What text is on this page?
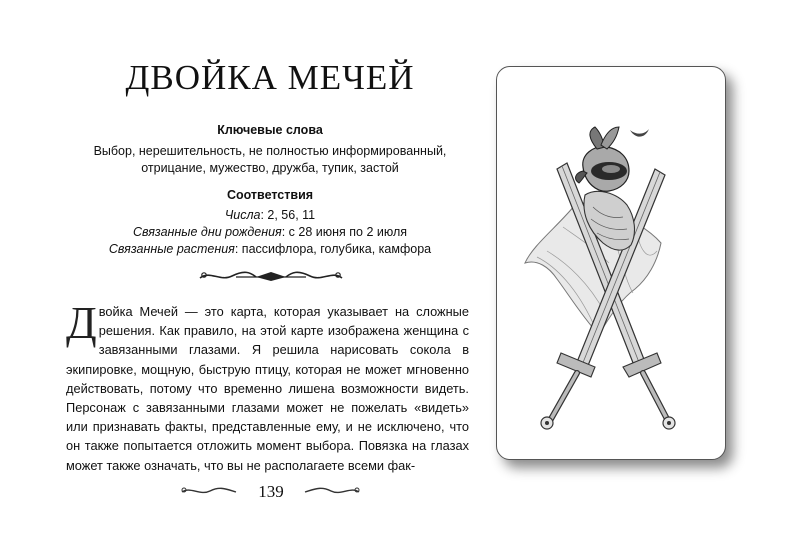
ДВОЙКА МЕЧЕЙ
Ключевые слова
Выбор, нерешительность, не полностью информированный,
отрицание, мужество, дружба, тупик, застой
Соответствия
Числа: 2, 56, 11
Связанные дни рождения: с 28 июня по 2 июля
Связанные растения: пассифлора, голубика, камфора

Двойка Мечей — это карта, которая указывает на сложные решения. Как правило, на этой карте изображена женщина с завязанными глазами. Я решила нарисовать сокола в экипировке, мощную, быструю птицу, которая не может мгновенно действовать, потому что временно лишена возможности видеть. Персонаж с завязанными глазами может не пожелать «видеть» или признавать факты, представленные ему, и не исключено, что он также попытается отложить момент выбора. Повязка на глазах может также означать, что вы не располагаете всеми фак-

139
